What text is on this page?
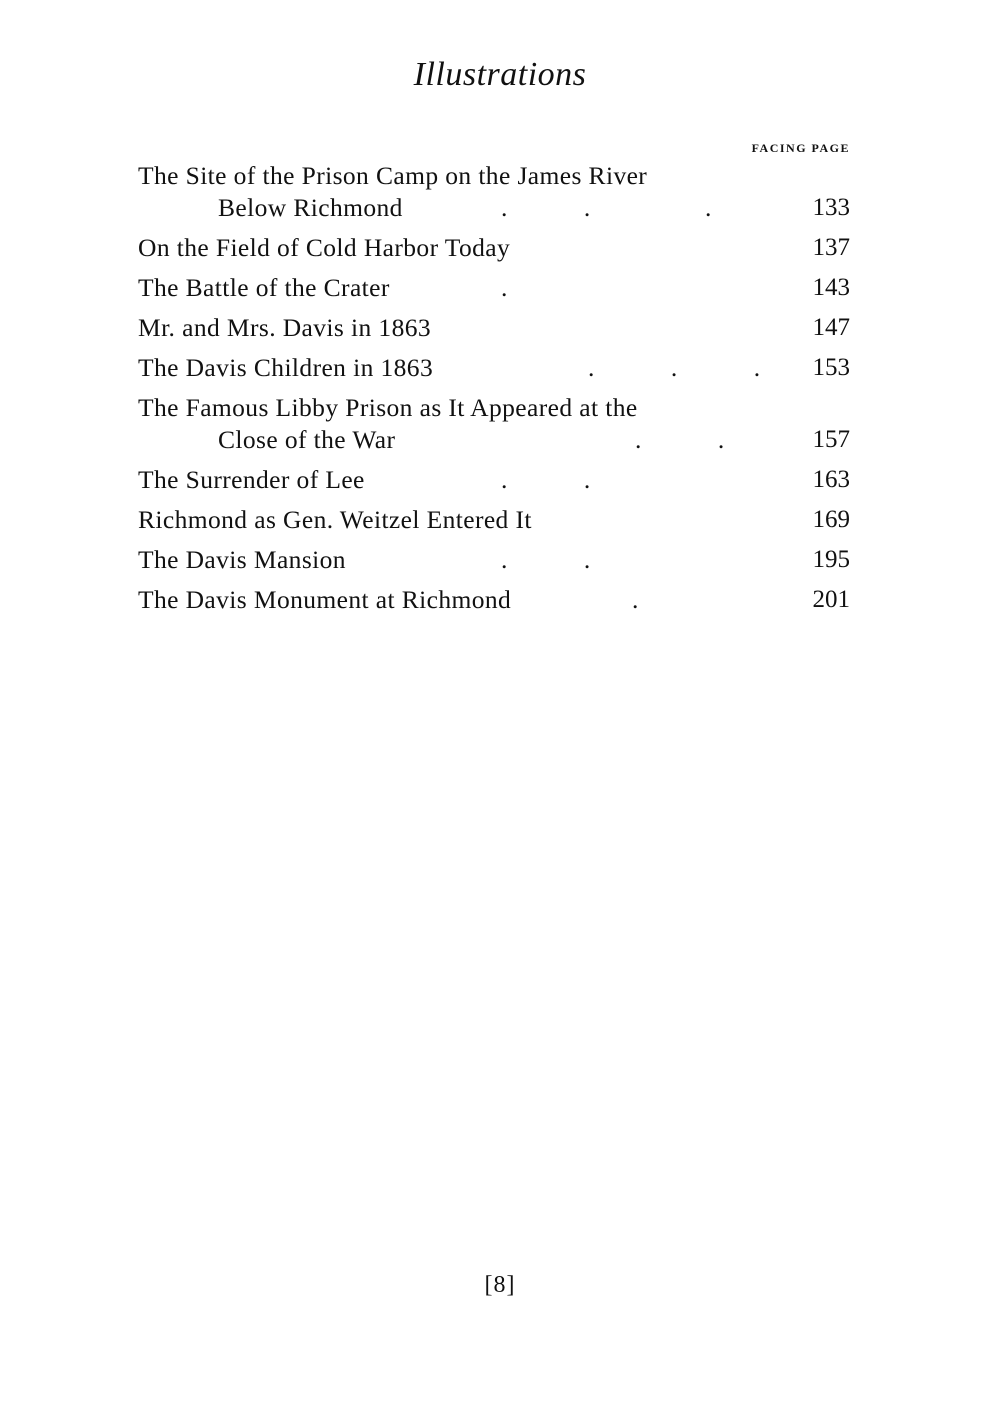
Illustrations
FACING PAGE
The Site of the Prison Camp on the James River
Below Richmond	.            .                  .	133
On the Field of Cold Harbor Today	137
The Battle of the Crater	.	143
Mr. and Mrs. Davis in 1863	147
The Davis Children in 1863	.            .            . 153
The Famous Libby Prison as It Appeared at the
Close of the War	.            .	157
The Surrender of Lee	.            .	163
Richmond as Gen. Weitzel Entered It	169
The Davis Mansion	.            .	195
The Davis Monument at Richmond	.	201
[8]
